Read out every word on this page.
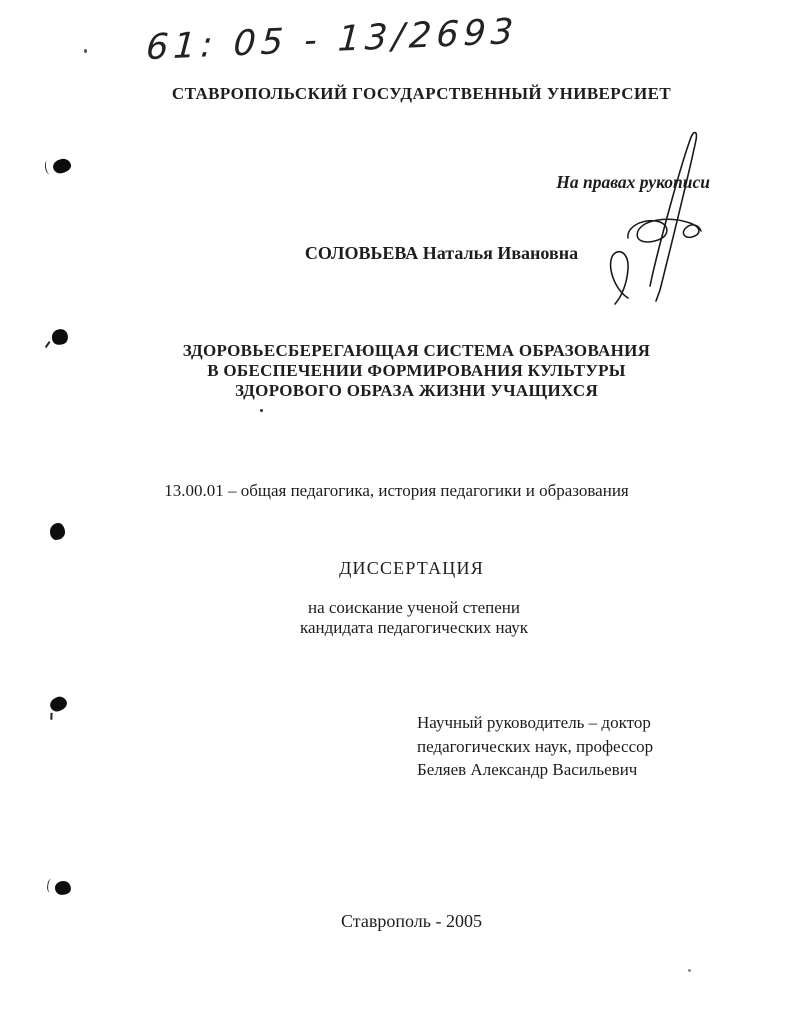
61: 05 - 13/2693
СТАВРОПОЛЬСКИЙ ГОСУДАРСТВЕННЫЙ УНИВЕРСИЕТ
На правах рукописи
СОЛОВЬЕВА Наталья Ивановна
ЗДОРОВЬЕСБЕРЕГАЮЩАЯ СИСТЕМА ОБРАЗОВАНИЯ
В ОБЕСПЕЧЕНИИ ФОРМИРОВАНИЯ КУЛЬТУРЫ
ЗДОРОВОГО ОБРАЗА ЖИЗНИ УЧАЩИХСЯ
13.00.01 – общая педагогика, история педагогики и образования
ДИССЕРТАЦИЯ
на соискание ученой степени
кандидата педагогических наук
Научный руководитель – доктор
педагогических наук, профессор
Беляев Александр Васильевич
Ставрополь - 2005
